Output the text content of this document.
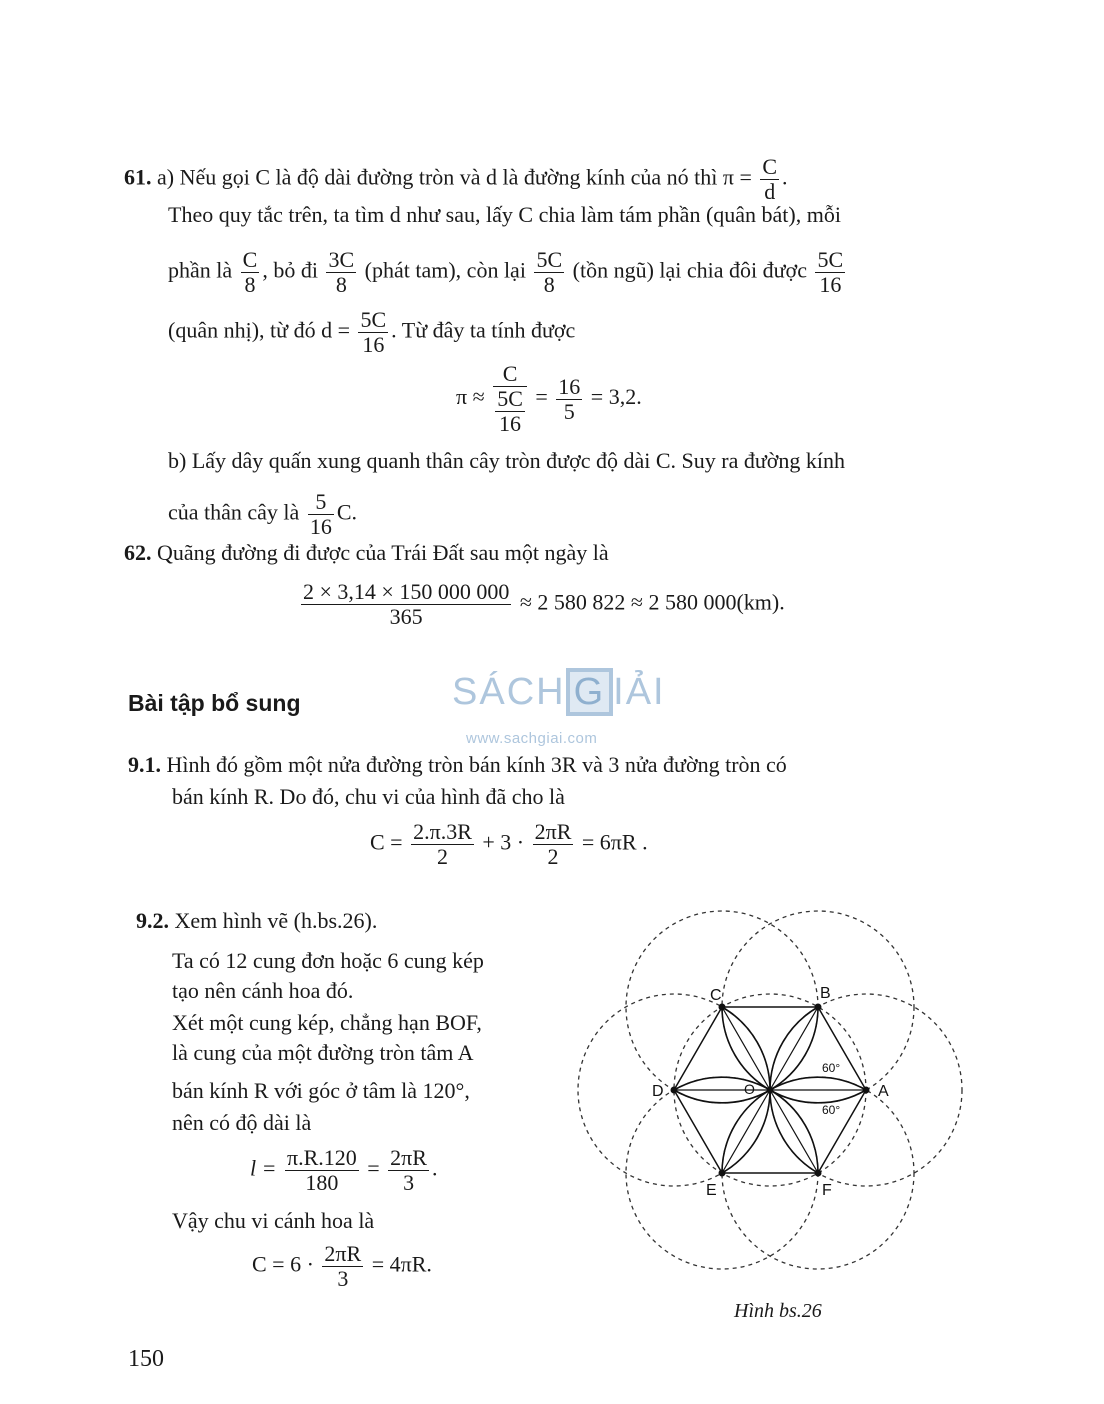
61. a) Nếu gọi C là độ dài đường tròn và d là đường kính của nó thì $\pi = \frac{C}{d}$ .
Theo quy tắc trên, ta tìm d như sau, lấy C chia làm tám phần (quân bát), mỗi
phần là $\frac{C}{8}$ , bỏ đi $\frac{3C}{8}$ (phát tam), còn lại $\frac{5C}{8}$ (tồn ngũ) lại chia đôi được $\frac{5C}{16}$
(quân nhị), từ đó $d = \frac{5C}{16}$ . Từ đây ta tính được
$\pi \approx \frac{C}{\frac{5C}{16}} = \frac{16}{5} = 3,2$.
b) Lấy dây quấn xung quanh thân cây tròn được độ dài C. Suy ra đường kính
của thân cây là $\frac{5}{16} C$.
62. Quãng đường đi được của Trái Đất sau một ngày là
$\frac{2 \times 3,14 \times 150 000 000}{365} \approx 2$ 580 822 ≈ 2 580 000(km).
Bài tập bổ sung	SÁCH G IẢI
www.sachgiai.com
9.1. Hình đó gồm một nửa đường tròn bán kính 3R và 3 nửa đường tròn có
bán kính R. Do đó, chu vi của hình đã cho là
$C = \frac{2.\pi.3R}{2} + 3 \cdot \frac{2\pi R}{2} = 6\pi R$ .
9.2. Xem hình vẽ (h.bs.26).
Ta có 12 cung đơn hoặc 6 cung kép
tạo nên cánh hoa đó.
Xét một cung kép, chẳng hạn BOF,
là cung của một đường tròn tâm A
bán kính R với góc ở tâm là 120°,
nên có độ dài là
$l = \frac{\pi.R.120}{180} = \frac{2\pi R}{3}$ .
Vậy chu vi cánh hoa là
$C = 6 \cdot \frac{2\pi R}{3} = 4\pi R$.
A
B
C
D
E	F
O
60°
60°
Hình bs.26
150
